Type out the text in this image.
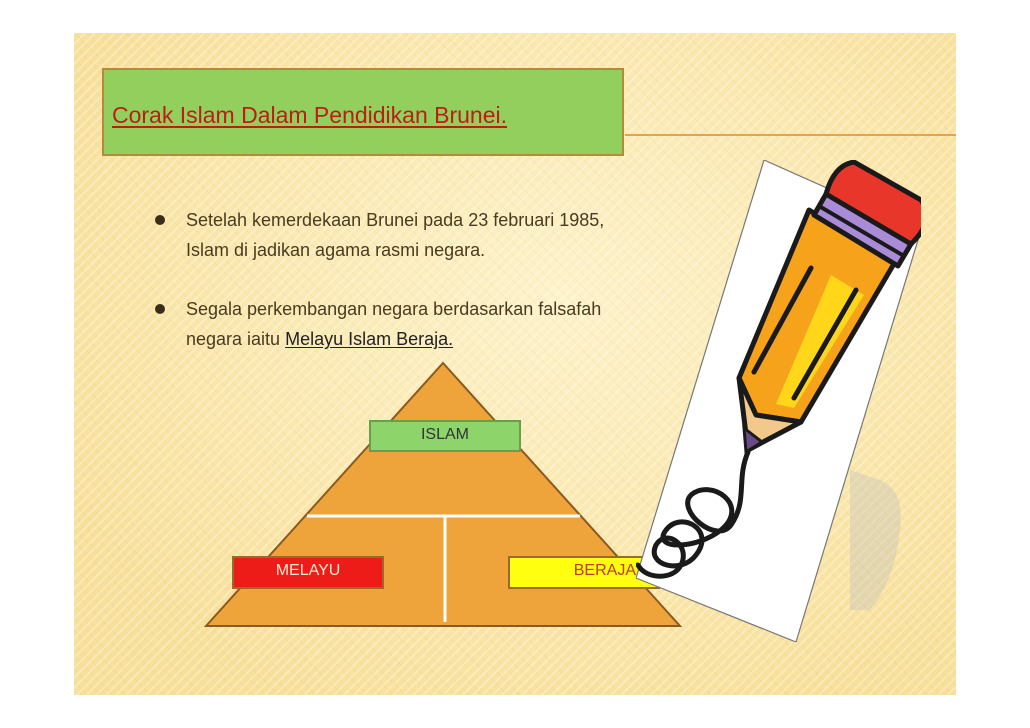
Corak Islam Dalam Pendidikan Brunei.
Setelah kemerdekaan Brunei pada 23 februari 1985,
Islam di jadikan agama rasmi negara.
Segala perkembangan negara berdasarkan falsafah
negara iaitu Melayu Islam Beraja.
ISLAM
MELAYU	BERAJA
